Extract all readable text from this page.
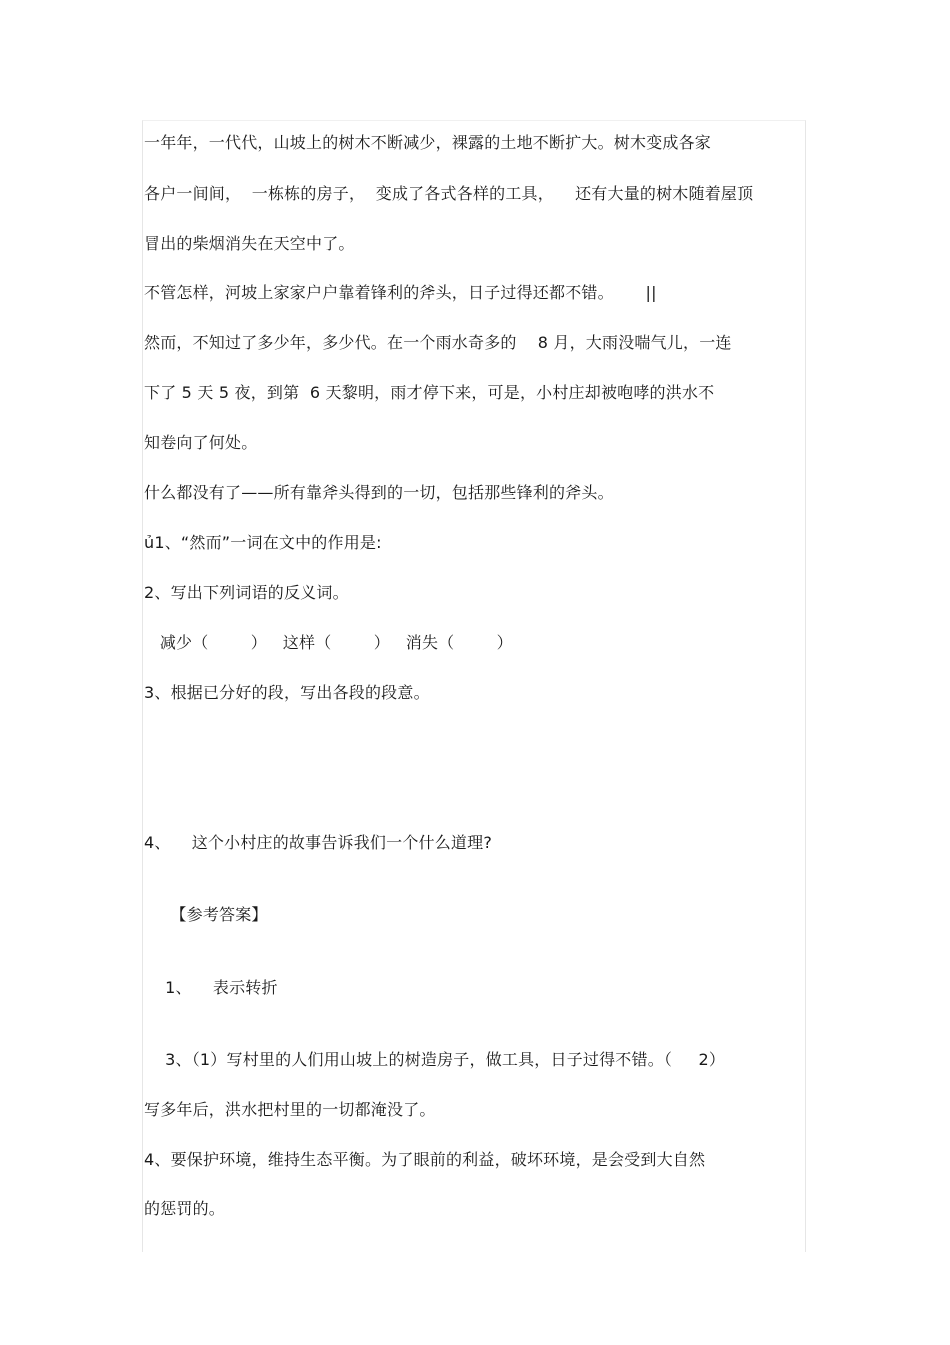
一年年，一代代，山坡上的树木不断减少，裸露的土地不断扩大。树木变成各家
各户一间间，  一栋栋的房子，  变成了各式各样的工具，    还有大量的树木随着屋顶
冒出的柴烟消失在天空中了。
不管怎样，河坡上家家户户靠着锋利的斧头，日子过得还都不错。      ||
然而，不知过了多少年，多少代。在一个雨水奇多的    8 月，大雨没喘气儿，一连
下了 5 天 5 夜，到第  6 天黎明，雨才停下来，可是，小村庄却被咆哮的洪水不
知卷向了何处。
什么都没有了——所有靠斧头得到的一切，包括那些锋利的斧头。
ủ1、“然而”一词在文中的作用是:
2、写出下列词语的反义词。
减少（        ）   这样（        ）   消失（        ）
3、根据已分好的段，写出各段的段意。
4、    这个小村庄的故事告诉我们一个什么道理?
【参考答案】
1、    表示转折
3、（1）写村里的人们用山坡上的树造房子，做工具，日子过得不错。（     2）
写多年后，洪水把村里的一切都淹没了。
4、要保护环境，维持生态平衡。为了眼前的利益，破坏环境，是会受到大自然
的惩罚的。
